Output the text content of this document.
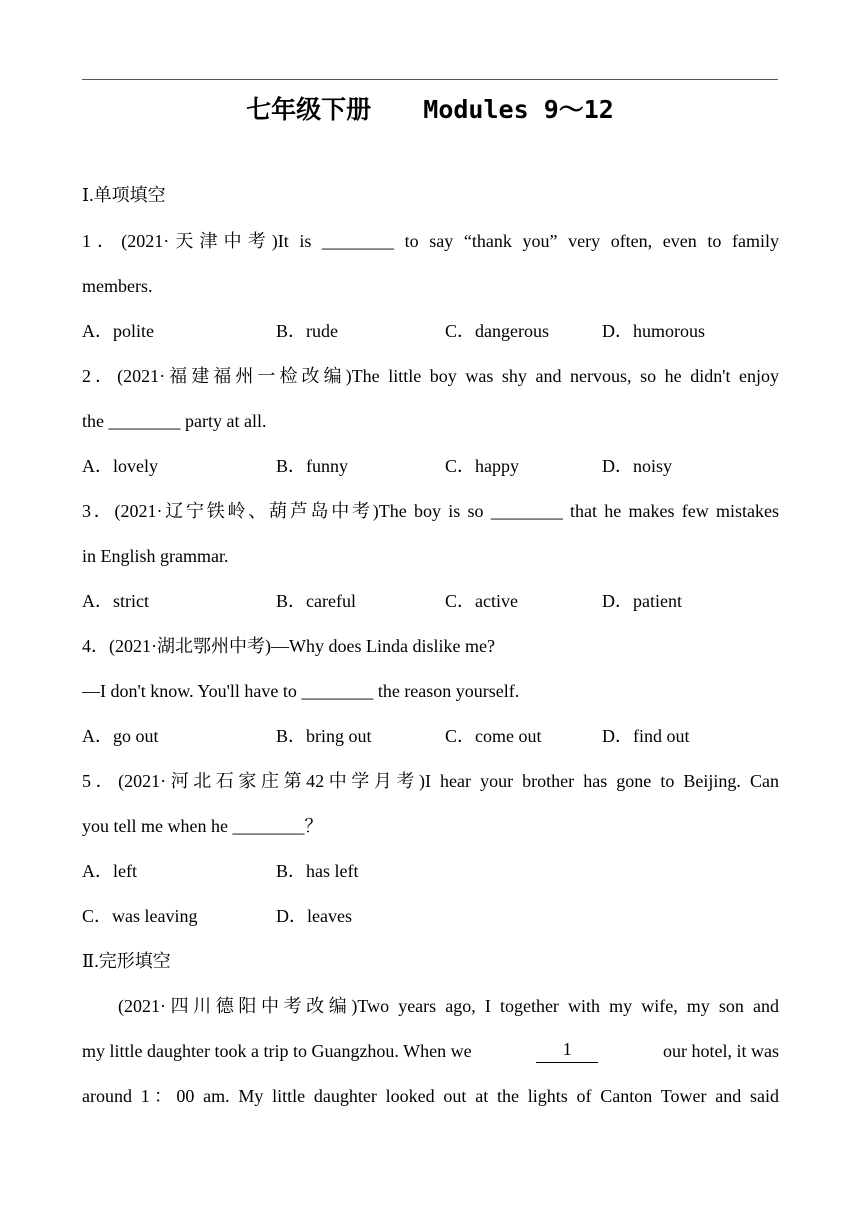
七年级下册 Modules 9～12
Ⅰ.单项填空
1．(2021·天津中考)It is ________ to say “thank you” very often, even to family
members.
A．polite	B．rude	C．dangerous	D．humorous
2．(2021·福建福州一检改编)The little boy was shy and nervous, so he didn't enjoy
the ________ party at all.
A．lovely	B．funny	C．happy	D．noisy
3．(2021·辽宁铁岭、葫芦岛中考)The boy is so ________ that he makes few mistakes
in English grammar.
A．strict	B．careful	C．active	D．patient
4．(2021·湖北鄂州中考)—Why does Linda dislike me?
—I don't know. You'll have to ________ the reason yourself.
A．go out	B．bring out	C．come out	D．find out
5．(2021·河北石家庄第42中学月考)I hear your brother has gone to Beijing. Can
you tell me when he ________？
A．left	B．has left
C．was leaving	D．leaves
Ⅱ.完形填空
(2021·四川德阳中考改编)Two years ago, I together with my wife, my son and
my little daughter took a trip to Guangzhou. When we	1	our hotel, it was
around 1：00 am. My little daughter looked out at the lights of Canton Tower and said
